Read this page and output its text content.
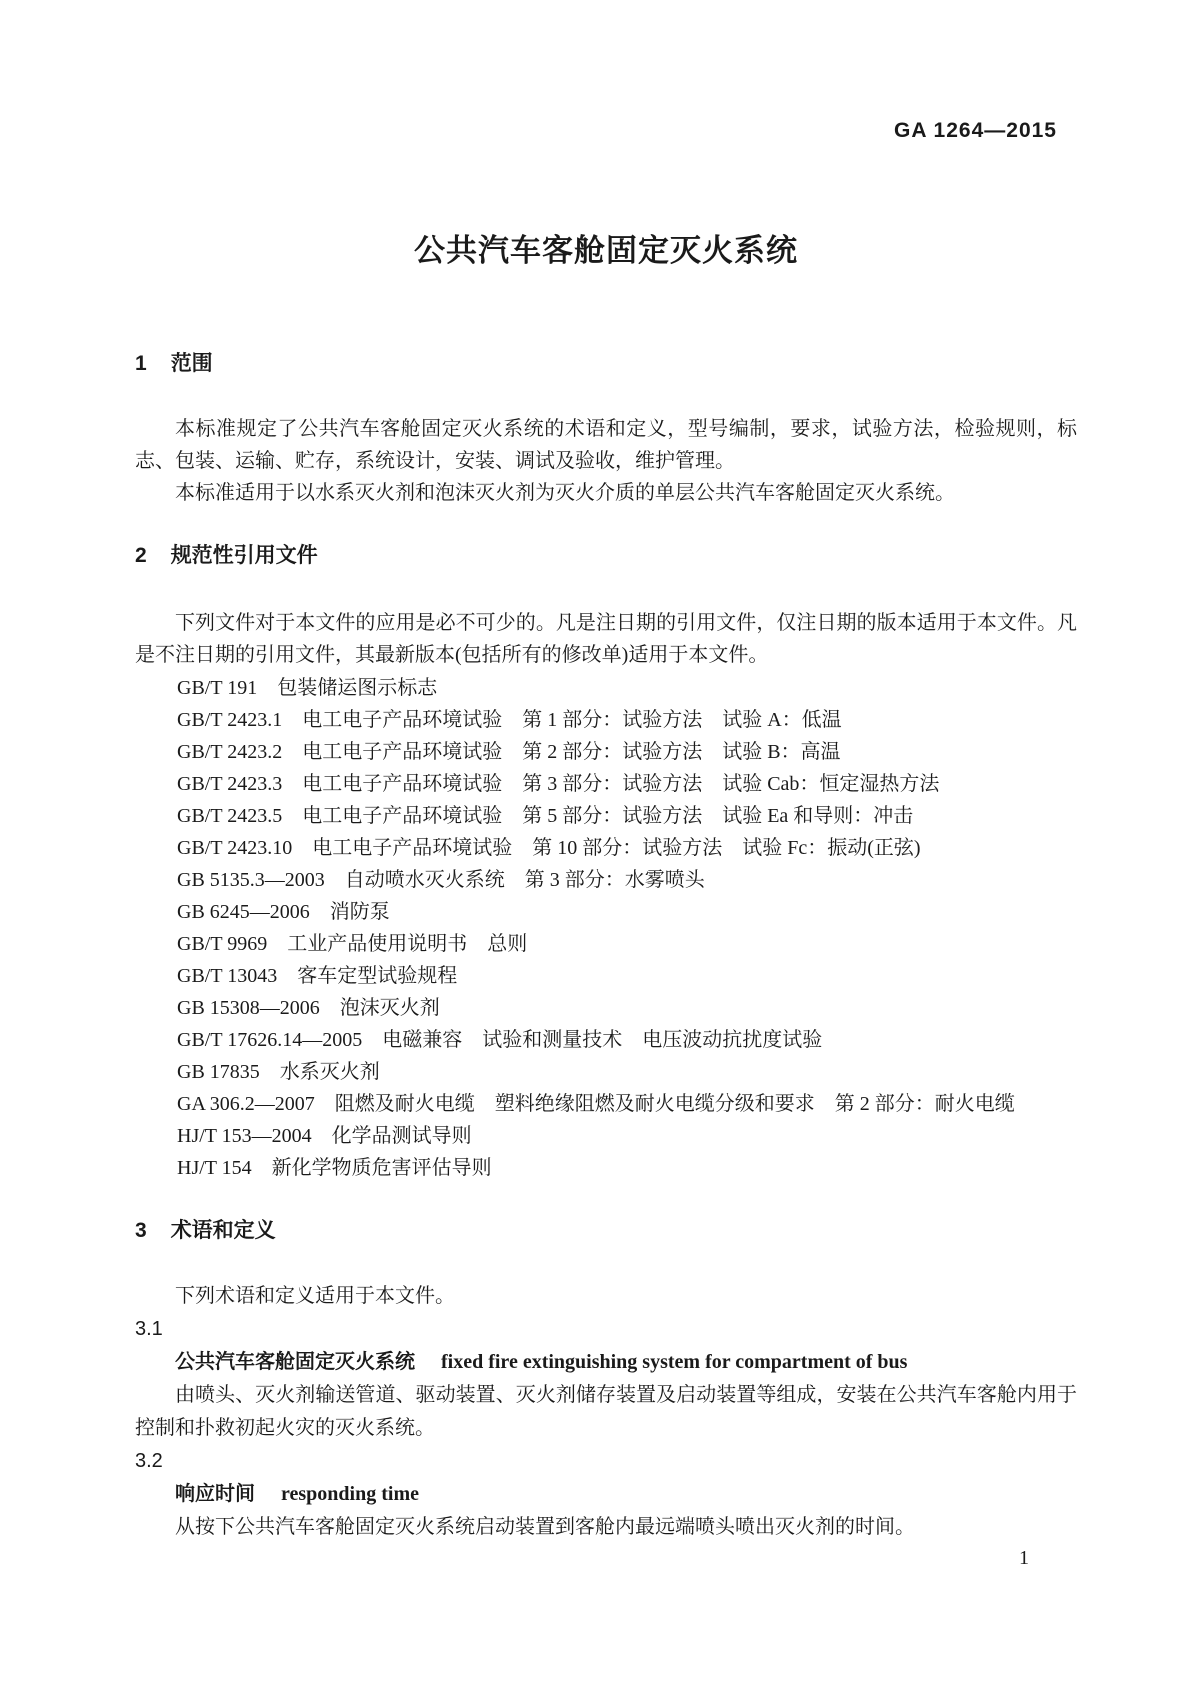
GA 1264—2015
公共汽车客舱固定灭火系统
1 范围

本标准规定了公共汽车客舱固定灭火系统的术语和定义，型号编制，要求，试验方法，检验规则，标志、包装、运输、贮存，系统设计，安装、调试及验收，维护管理。

本标准适用于以水系灭火剂和泡沫灭火剂为灭火介质的单层公共汽车客舱固定灭火系统。

2 规范性引用文件

下列文件对于本文件的应用是必不可少的。凡是注日期的引用文件，仅注日期的版本适用于本文件。凡是不注日期的引用文件，其最新版本(包括所有的修改单)适用于本文件。

GB/T 191　包装储运图示标志
GB/T 2423.1　电工电子产品环境试验　第 1 部分：试验方法　试验 A：低温
GB/T 2423.2　电工电子产品环境试验　第 2 部分：试验方法　试验 B：高温
GB/T 2423.3　电工电子产品环境试验　第 3 部分：试验方法　试验 Cab：恒定湿热方法
GB/T 2423.5　电工电子产品环境试验　第 5 部分：试验方法　试验 Ea 和导则：冲击
GB/T 2423.10　电工电子产品环境试验　第 10 部分：试验方法　试验 Fc：振动(正弦)
GB 5135.3—2003　自动喷水灭火系统　第 3 部分：水雾喷头
GB 6245—2006　消防泵
GB/T 9969　工业产品使用说明书　总则
GB/T 13043　客车定型试验规程
GB 15308—2006　泡沫灭火剂
GB/T 17626.14—2005　电磁兼容　试验和测量技术　电压波动抗扰度试验
GB 17835　水系灭火剂
GA 306.2—2007　阻燃及耐火电缆　塑料绝缘阻燃及耐火电缆分级和要求　第 2 部分：耐火电缆
HJ/T 153—2004　化学品测试导则
HJ/T 154　新化学物质危害评估导则
3 术语和定义

下列术语和定义适用于本文件。

3.1

公共汽车客舱固定灭火系统 fixed fire extinguishing system for compartment of bus

由喷头、灭火剂输送管道、驱动装置、灭火剂储存装置及启动装置等组成，安装在公共汽车客舱内用于控制和扑救初起火灾的灭火系统。

3.2

响应时间 responding time

从按下公共汽车客舱固定灭火系统启动装置到客舱内最远端喷头喷出灭火剂的时间。

1
